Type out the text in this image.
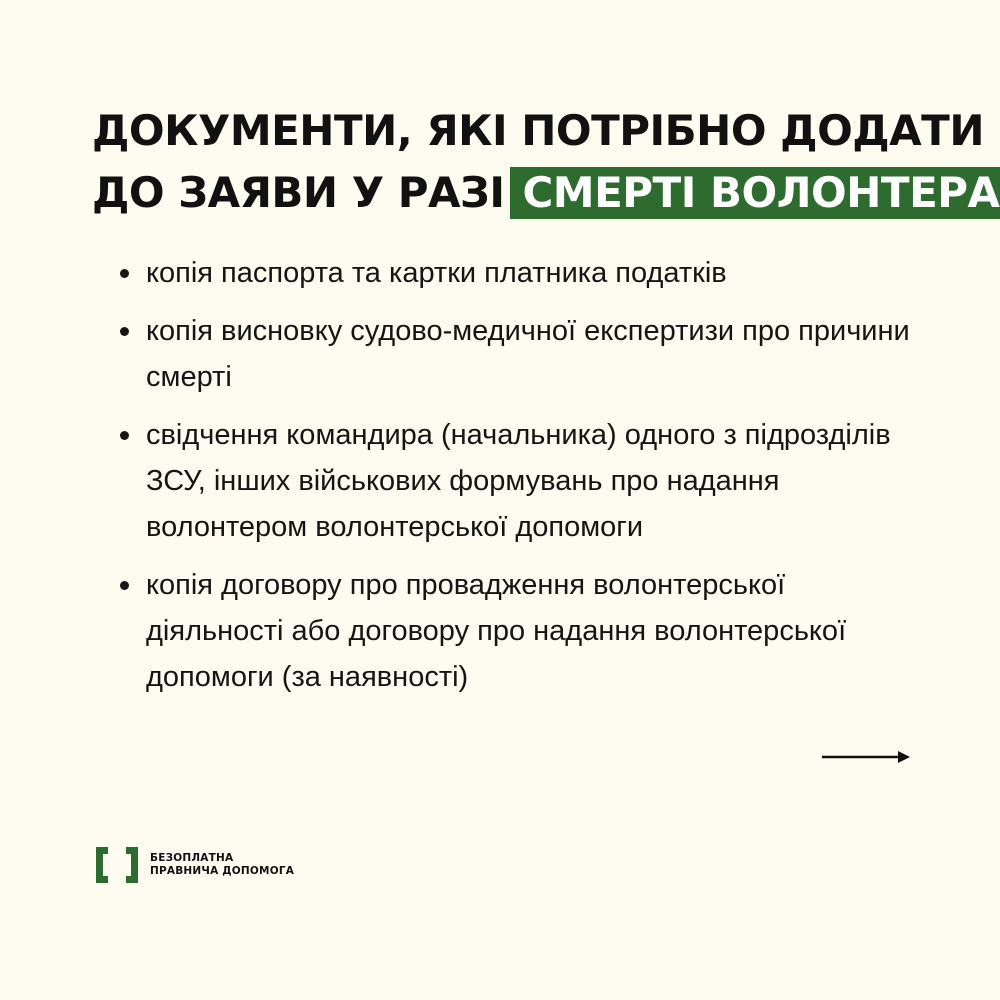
ДОКУМЕНТИ, ЯКІ ПОТРІБНО ДОДАТИ
ДО ЗАЯВИ У РАЗІ СМЕРТІ ВОЛОНТЕРА
копія паспорта та картки платника податків
копія висновку судово-медичної експертизи про причини смерті
свідчення командира (начальника) одного з підрозділів ЗСУ, інших військових формувань про надання волонтером волонтерської допомоги
копія договору про провадження волонтерської діяльності або договору про надання волонтерської допомоги (за наявності)
БЕЗОПЛАТНА
ПРАВНИЧА ДОПОМОГА
